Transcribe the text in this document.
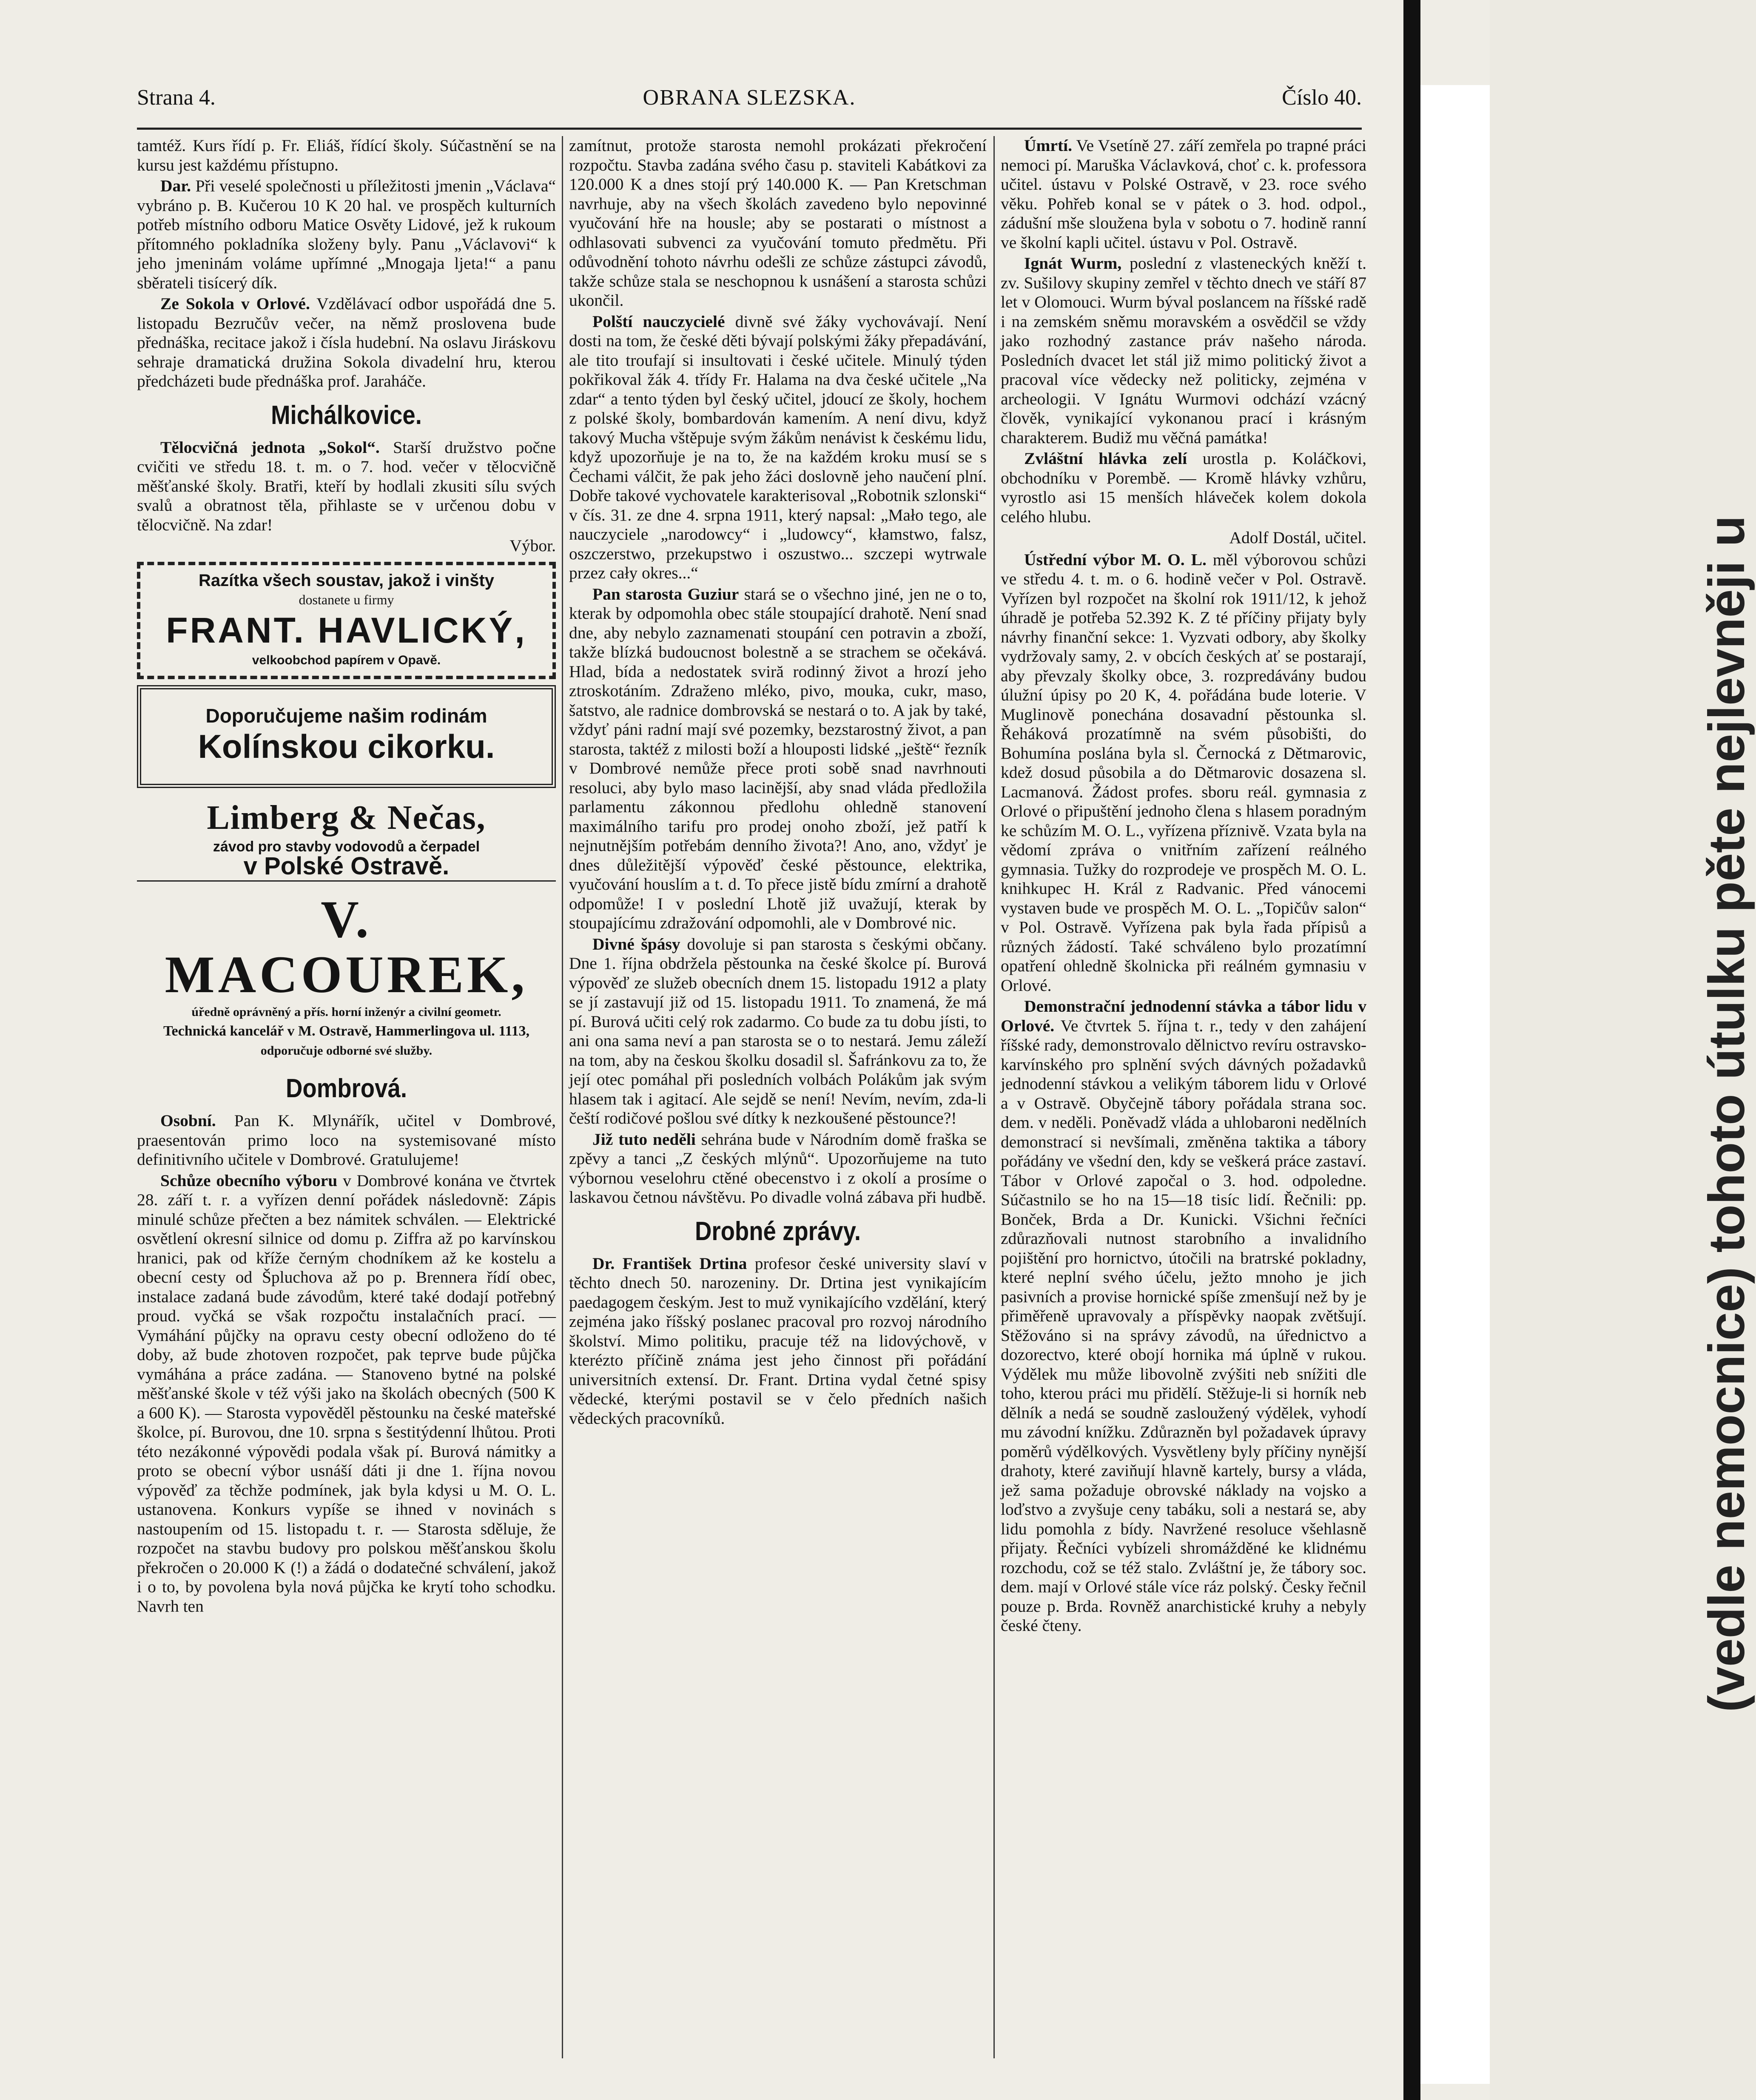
OBRANA SLEZSKA.
Strana 4.	Číslo 40.

tamtéž. Kurs řídí p. Fr. Eliáš, řídící školy. Súčastnění se na kursu jest každému přístupno.

Dar. Při veselé společnosti u příležitosti jmenin „Václava“ vybráno p. B. Kučerou 10 K 20 hal. ve prospěch kulturních potřeb místního odboru Matice Osvěty Lidové, jež k rukoum přítomného pokladníka složeny byly. Panu „Václavovi“ k jeho jmeninám voláme upřímné „Mnogaja ljeta!“ a panu sběrateli tisícerý dík.

Ze Sokola v Orlové. Vzdělávací odbor uspořádá dne 5. listopadu Bezručův večer, na němž proslovena bude přednáška, recitace jakož i čísla hudební. Na oslavu Jiráskovu sehraje dramatická družina Sokola divadelní hru, kterou předcházeti bude přednáška prof. Jaraháče.

Michálkovice.

Tělocvičná jednota „Sokol“. Starší družstvo počne cvičiti ve středu 18. t. m. o 7. hod. večer v tělocvičně měšťanské školy. Bratři, kteří by hodlali zkusiti sílu svých svalů a obratnost těla, přihlaste se v určenou dobu v tělocvičně. Na zdar!

Výbor.
Razítka všech soustav, jakož i vinšty
dostanete u firmy
FRANT. HAVLICKÝ,
velkoobchod papírem v Opavě.
Doporučujeme našim rodinám
Kolínskou cikorku.
Limberg & Nečas,
závod pro stavby vodovodů a čerpadel
v Polské Ostravě.
V. MACOUREK,
úředně oprávněný a přís. horní inženýr a civilní geometr.
Technická kancelář v M. Ostravě, Hammerlingova ul. 1113,
odporučuje odborné své služby.
Dombrová.

Osobní. Pan K. Mlynářík, učitel v Dombrové, praesentován primo loco na systemisované místo definitivního učitele v Dombrové. Gratulujeme!

Schůze obecního výboru v Dombrové konána ve čtvrtek 28. září t. r. a vyřízen denní pořádek následovně: Zápis minulé schůze přečten a bez námitek schválen. — Elektrické osvětlení okresní silnice od domu p. Ziffra až po karvínskou hranici, pak od kříže černým chodníkem až ke kostelu a obecní cesty od Špluchova až po p. Brennera řídí obec, instalace zadaná bude závodům, které také dodají potřebný proud. vyčká se však rozpočtu instalačních prací. — Vymáhání půjčky na opravu cesty obecní odloženo do té doby, až bude zhotoven rozpočet, pak teprve bude půjčka vymáhána a práce zadána. — Stanoveno bytné na polské měšťanské škole v též výši jako na školách obecných (500 K a 600 K). — Starosta vypověděl pěstounku na české mateřské školce, pí. Burovou, dne 10. srpna s šestitýdenní lhůtou. Proti této nezákonné výpovědi podala však pí. Burová námitky a proto se obecní výbor usnáší dáti ji dne 1. října novou výpověď za těchže podmínek, jak byla kdysi u M. O. L. ustanovena. Konkurs vypíše se ihned v novinách s nastoupením od 15. listopadu t. r. — Starosta sděluje, že rozpočet na stavbu budovy pro polskou měšťanskou školu překročen o 20.000 K (!) a žádá o dodatečné schválení, jakož i o to, by povolena byla nová půjčka ke krytí toho schodku. Navrh ten

zamítnut, protože starosta nemohl prokázati překročení rozpočtu. Stavba zadána svého času p. staviteli Kabátkovi za 120.000 K a dnes stojí prý 140.000 K. — Pan Kretschman navrhuje, aby na všech školách zavedeno bylo nepovinné vyučování hře na housle; aby se postarati o místnost a odhlasovati subvenci za vyučování tomuto předmětu. Při odůvodnění tohoto návrhu odešli ze schůze zástupci závodů, takže schůze stala se neschopnou k usnášení a starosta schůzi ukončil.

Polští nauczycielé divně své žáky vychovávají. Není dosti na tom, že české děti bývají polskými žáky přepadávání, ale tito troufají si insultovati i české učitele. Minulý týden pokřikoval žák 4. třídy Fr. Halama na dva české učitele „Na zdar“ a tento týden byl český učitel, jdoucí ze školy, hochem z polské školy, bombardován kamením. A není divu, když takový Mucha vštěpuje svým žákům nenávist k českému lidu, když upozorňuje je na to, že na každém kroku musí se s Čechami válčit, že pak jeho žáci doslovně jeho naučení plní. Dobře takové vychovatele karakterisoval „Robotnik szlonski“ v čís. 31. ze dne 4. srpna 1911, který napsal: „Mało tego, ale nauczyciele „narodowcy“ i „ludowcy“, kłamstwo, falsz, oszczerstwo, przekupstwo i oszustwo... szczepi wytrwale przez cały okres...“

Pan starosta Guziur stará se o všechno jiné, jen ne o to, kterak by odpomohla obec stále stoupající drahotě. Není snad dne, aby nebylo zaznamenati stoupání cen potravin a zboží, takže blízká budoucnost bolestně a se strachem se očekává. Hlad, bída a nedostatek sviră rodinný život a hrozí jeho ztroskotáním. Zdraženo mléko, pivo, mouka, cukr, maso, šatstvo, ale radnice dombrovská se nestará o to. A jak by také, vždyť páni radní mají své pozemky, bezstarostný život, a pan starosta, taktéž z milosti boží a hlouposti lidské „ještě“ řezník v Dombrové nemůže přece proti sobě snad navrhnouti resoluci, aby bylo maso lacinější, aby snad vláda předložila parlamentu zákonnou předlohu ohledně stanovení maximálního tarifu pro prodej onoho zboží, jež patří k nejnutnějším potřebám denního života?! Ano, ano, vždyť je dnes důležitější výpověď české pěstounce, elektrika, vyučování houslím a t. d. To přece jistě bídu zmírní a drahotě odpomůže! I v poslední Lhotě již uvažují, kterak by stoupajícímu zdražování odpomohli, ale v Dombrové nic.

Divné špásy dovoluje si pan starosta s českými občany. Dne 1. října obdržela pěstounka na české školce pí. Burová výpověď ze služeb obecních dnem 15. listopadu 1912 a platy se jí zastavují již od 15. listopadu 1911. To znamená, že má pí. Burová učiti celý rok zadarmo. Co bude za tu dobu jísti, to ani ona sama neví a pan starosta se o to nestará. Jemu záleží na tom, aby na českou školku dosadil sl. Šafránkovu za to, že její otec pomáhal při posledních volbách Polákům jak svým hlasem tak i agitací. Ale sejdě se není! Nevím, nevím, zda-li čeští rodičové pošlou své dítky k nezkoušené pěstounce?!

Již tuto neděli sehrána bude v Národním domě fraška se zpěvy a tanci „Z českých mlýnů“. Upozorňujeme na tuto výbornou veselohru ctěné obecenstvo i z okolí a prosíme o laskavou četnou návštěvu. Po divadle volná zábava při hudbě.

Drobné zprávy.

Dr. František Drtina profesor české university slaví v těchto dnech 50. narozeniny. Dr. Drtina jest vynikajícím paedagogem českým. Jest to muž vynikajícího vzdělání, který zejména jako říšský poslanec pracoval pro rozvoj národního školství. Mimo politiku, pracuje též na lidovýchově, v kterézto příčině známa jest jeho činnost při pořádání universitních extensí. Dr. Frant. Drtina vydal četné spisy vědecké, kterými postavil se v čelo předních našich vědeckých pracovníků.

Úmrtí. Ve Vsetíně 27. září zemřela po trapné práci nemoci pí. Maruška Václavková, choť c. k. professora učitel. ústavu v Polské Ostravě, v 23. roce svého věku. Pohřeb konal se v pátek o 3. hod. odpol., zádušní mše sloužena byla v sobotu o 7. hodině ranní ve školní kapli učitel. ústavu v Pol. Ostravě.

Ignát Wurm, poslední z vlasteneckých kněží t. zv. Sušilovy skupiny zemřel v těchto dnech ve stáří 87 let v Olomouci. Wurm býval poslancem na říšské radě i na zemském sněmu moravském a osvědčil se vždy jako rozhodný zastance práv našeho národa. Posledních dvacet let stál již mimo politický život a pracoval více vědecky než politicky, zejména v archeologii. V Ignátu Wurmovi odchází vzácný člověk, vynikající vykonanou prací i krásným charakterem. Budiž mu věčná památka!

Zvláštní hlávka zelí urostla p. Koláčkovi, obchodníku v Porembě. — Kromě hlávky vzhůru, vyrostlo asi 15 menších hláveček kolem dokola celého hlubu.

Adolf Dostál, učitel.

Ústřední výbor M. O. L. měl výborovou schůzi ve středu 4. t. m. o 6. hodině večer v Pol. Ostravě. Vyřízen byl rozpočet na školní rok 1911/12, k jehož úhradě je potřeba 52.392 K. Z té příčiny přijaty byly návrhy finanční sekce: 1. Vyzvati odbory, aby školky vydržovaly samy, 2. v obcích českých ať se postarají, aby převzaly školky obce, 3. rozpredávány budou úlužní úpisy po 20 K, 4. pořádána bude loterie. V Muglinově ponechána dosavadní pěstounka sl. Řeháková prozatímně na svém působišti, do Bohumína poslána byla sl. Černocká z Dětmarovic, kdež dosud působila a do Dětmarovic dosazena sl. Lacmanová. Žádost profes. sboru reál. gymnasia z Orlové o připuštění jednoho člena s hlasem poradným ke schůzím M. O. L., vyřízena příznivě. Vzata byla na vědomí zpráva o vnitřním zařízení reálného gymnasia. Tužky do rozprodeje ve prospěch M. O. L. knihkupec H. Král z Radvanic. Před vánocemi vystaven bude ve prospěch M. O. L. „Topičův salon“ v Pol. Ostravě. Vyřízena pak byla řada přípisů a různých žádostí. Také schváleno bylo prozatímní opatření ohledně školnicka při reálném gymnasiu v Orlové.

Demonstrační jednodenní stávka a tábor lidu v Orlové. Ve čtvrtek 5. října t. r., tedy v den zahájení říšské rady, demonstrovalo dělnictvo revíru ostravsko-karvínského pro splnění svých dávných požadavků jednodenní stávkou a velikým táborem lidu v Orlové a v Ostravě. Obyčejně tábory pořádala strana soc. dem. v neděli. Poněvadž vláda a uhlobaroni nedělních demonstrací si nevšímali, změněna taktika a tábory pořádány ve všední den, kdy se veškerá práce zastaví. Tábor v Orlové započal o 3. hod. odpoledne. Súčastnilo se ho na 15—18 tisíc lidí. Řečnili: pp. Bonček, Brda a Dr. Kunicki. Všichni řečníci zdůrazňovali nutnost starobního a invalidního pojištění pro hornictvo, útočili na bratrské pokladny, které neplní svého účelu, ježto mnoho je jich pasivních a provise hornické spíše zmenšují než by je přiměřeně upravovaly a příspěvky naopak zvětšují. Stěžováno si na správy závodů, na úřednictvo a dozorectvo, které obojí hornika má úplně v rukou. Výdělek mu může libovolně zvýšiti neb snížiti dle toho, kterou práci mu přidělí. Stěžuje-li si horník neb dělník a nedá se soudně zasloužený výdělek, vyhodí mu závodní knížku. Zdůrazněn byl požadavek úpravy poměrů výdělkových. Vysvětleny byly příčiny nynější drahoty, které zaviňují hlavně kartely, bursy a vláda, jež sama požaduje obrovské náklady na vojsko a loďstvo a zvyšuje ceny tabáku, soli a nestará se, aby lidu pomohla z bídy. Navržené resoluce všehlasně přijaty. Řečníci vybízeli shromážděné ke klidnému rozchodu, což se též stalo. Zvláštní je, že tábory soc. dem. mají v Orlové stále více ráz polský. Česky řečnil pouze p. Brda. Rovněž anarchistické kruhy a nebyly české čteny.	(vedle nemocnice) tohoto útulku pěte nejlevněji u
